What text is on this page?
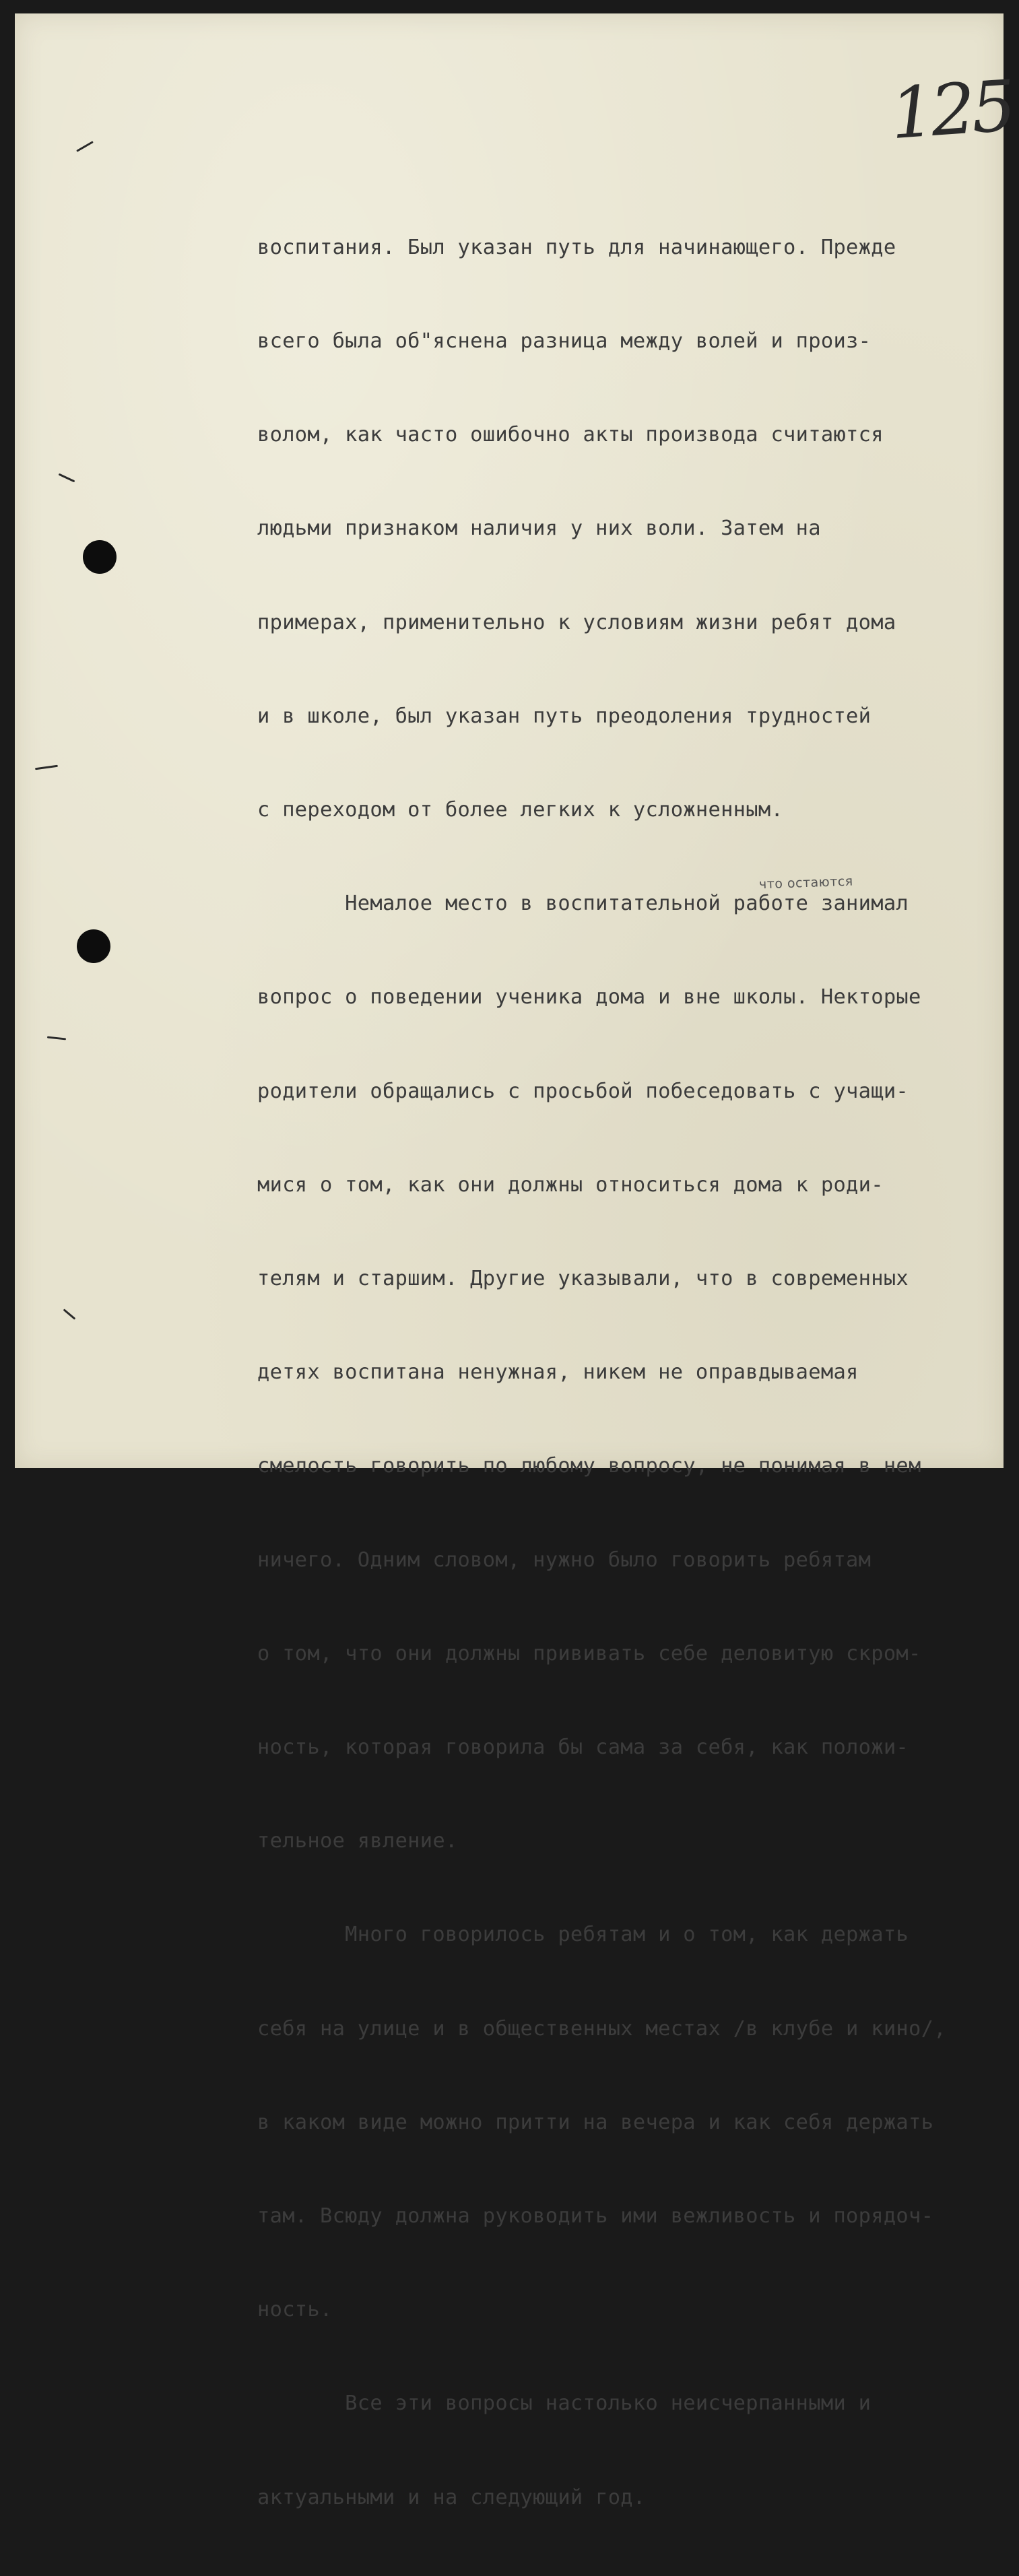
125

воспитания. Был указан путь для начинающего. Прежде

всего была об"яснена разница между волей и произ-

волом, как часто ошибочно акты производа считаются

людьми признаком наличия у них воли. Затем на

примерах, применительно к условиям жизни ребят дома

и в школе, был указан путь преодоления трудностей

с переходом от более легких к усложненным.

Немалое место в воспитательной работе занимал

вопрос о поведении ученика дома и вне школы. Некторые

родители обращались с просьбой побеседовать с учащи-

мися о том, как они должны относиться дома к роди-

телям и старшим. Другие указывали, что в современных

детях воспитана ненужная, никем не оправдываемая

смелость говорить по любому вопросу, не понимая в нем

ничего. Одним словом, нужно было говорить ребятам

о том, что они должны прививать себе деловитую скром-

ность, которая говорила бы сама за себя, как положи-

тельное явление.

Много говорилось ребятам и о том, как держать

себя на улице и в общественных местах /в клубе и кино/,

в каком виде можно притти на вечера и как себя держать

там. Всюду должна руководить ими вежливость и порядоч-

ность.

Все эти вопросы настолько неисчерпанными и

актуальными и на следующий год.

что остаются
